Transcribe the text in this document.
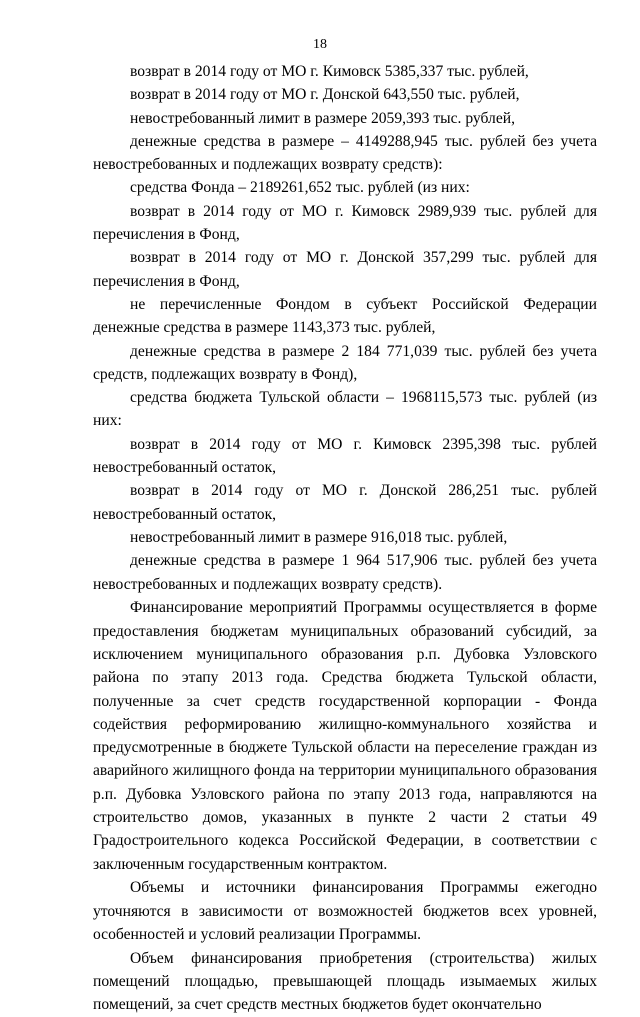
18

возврат в 2014 году от МО г. Кимовск 5385,337 тыс. рублей,

возврат в 2014 году от МО г. Донской 643,550 тыс. рублей,

невостребованный лимит в размере 2059,393 тыс. рублей,

денежные средства в размере – 4149288,945 тыс. рублей без учета невостребованных и подлежащих возврату средств):

средства Фонда – 2189261,652 тыс. рублей (из них:

возврат в 2014 году от МО г. Кимовск 2989,939 тыс. рублей для перечисления в Фонд,

возврат в 2014 году от МО г. Донской 357,299 тыс. рублей для перечисления в Фонд,

не перечисленные Фондом в субъект Российской Федерации денежные средства в размере 1143,373 тыс. рублей,

денежные средства в размере 2 184 771,039 тыс. рублей без учета средств, подлежащих возврату в Фонд),

средства бюджета Тульской области – 1968115,573 тыс. рублей (из них:

возврат в 2014 году от МО г. Кимовск 2395,398 тыс. рублей невостребованный остаток,

возврат в 2014 году от МО г. Донской 286,251 тыс. рублей невостребованный остаток,

невостребованный лимит в размере 916,018 тыс. рублей,

денежные средства в размере 1 964 517,906 тыс. рублей без учета невостребованных и подлежащих возврату средств).

Финансирование мероприятий Программы осуществляется в форме предоставления бюджетам муниципальных образований субсидий, за исключением муниципального образования р.п. Дубовка Узловского района по этапу 2013 года. Средства бюджета Тульской области, полученные за счет средств государственной корпорации - Фонда содействия реформированию жилищно-коммунального хозяйства и предусмотренные в бюджете Тульской области на переселение граждан из аварийного жилищного фонда на территории муниципального образования р.п. Дубовка Узловского района по этапу 2013 года, направляются на строительство домов, указанных в пункте 2 части 2 статьи 49 Градостроительного кодекса Российской Федерации, в соответствии с заключенным государственным контрактом.

Объемы и источники финансирования Программы ежегодно уточняются в зависимости от возможностей бюджетов всех уровней, особенностей и условий реализации Программы.

Объем финансирования приобретения (строительства) жилых помещений площадью, превышающей площадь изымаемых жилых помещений, за счет средств местных бюджетов будет окончательно
